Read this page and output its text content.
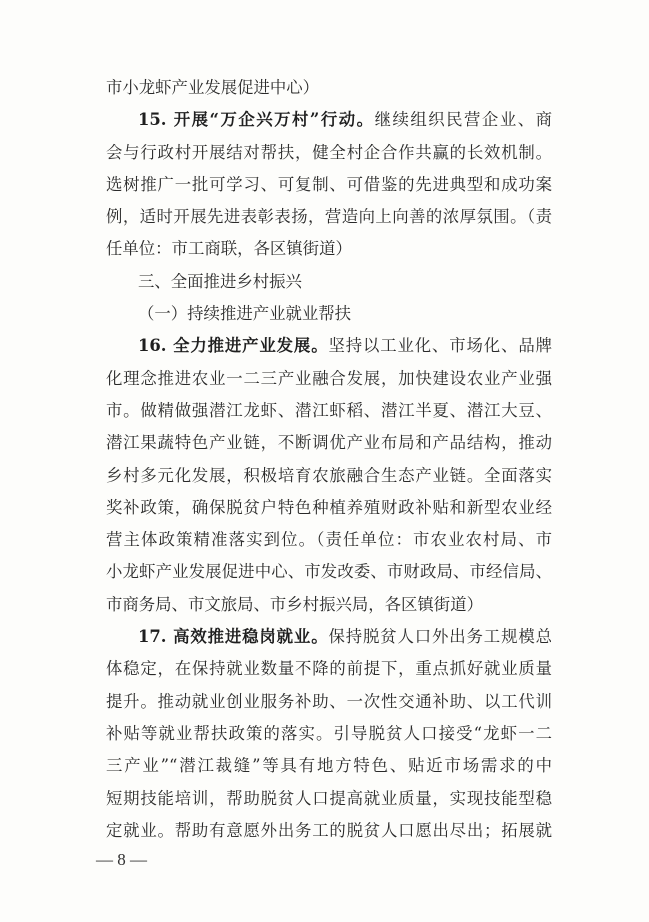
市小龙虾产业发展促进中心）
15. 开展“万企兴万村”行动。继续组织民营企业、商
会与行政村开展结对帮扶，健全村企合作共赢的长效机制。
选树推广一批可学习、可复制、可借鉴的先进典型和成功案
例，适时开展先进表彰表扬，营造向上向善的浓厚氛围。（责
任单位：市工商联，各区镇街道）
三、全面推进乡村振兴
（一）持续推进产业就业帮扶
16. 全力推进产业发展。坚持以工业化、市场化、品牌
化理念推进农业一二三产业融合发展，加快建设农业产业强
市。做精做强潜江龙虾、潜江虾稻、潜江半夏、潜江大豆、
潜江果蔬特色产业链，不断调优产业布局和产品结构，推动
乡村多元化发展，积极培育农旅融合生态产业链。全面落实
奖补政策，确保脱贫户特色种植养殖财政补贴和新型农业经
营主体政策精准落实到位。（责任单位：市农业农村局、市
小龙虾产业发展促进中心、市发改委、市财政局、市经信局、
市商务局、市文旅局、市乡村振兴局，各区镇街道）
17. 高效推进稳岗就业。保持脱贫人口外出务工规模总
体稳定，在保持就业数量不降的前提下，重点抓好就业质量
提升。推动就业创业服务补助、一次性交通补助、以工代训
补贴等就业帮扶政策的落实。引导脱贫人口接受“龙虾一二
三产业”“潜江裁缝”等具有地方特色、贴近市场需求的中
短期技能培训，帮助脱贫人口提高就业质量，实现技能型稳
定就业。帮助有意愿外出务工的脱贫人口愿出尽出；拓展就
— 8 —
